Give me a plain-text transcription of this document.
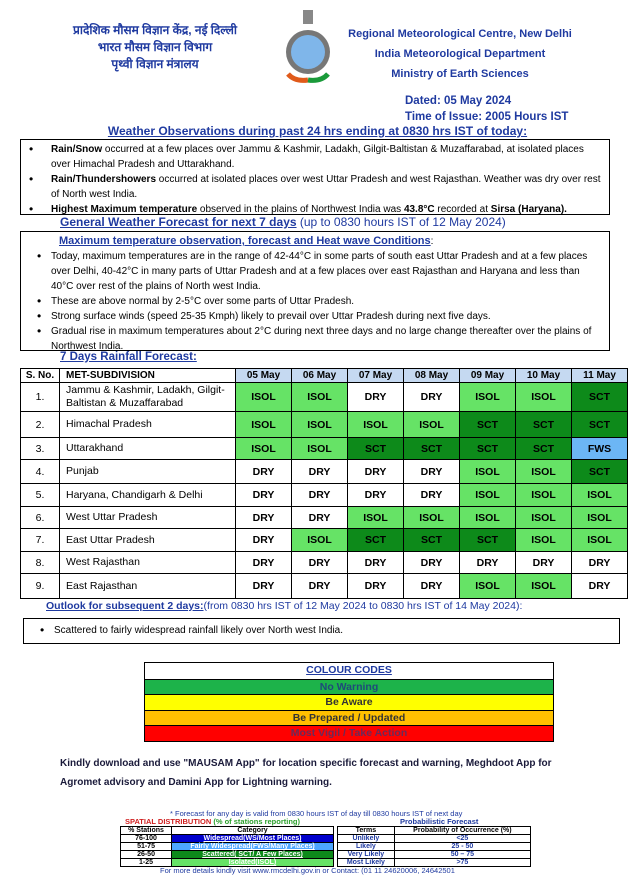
प्रादेशिक मौसम विज्ञान केंद्र, नई दिल्ली
भारत मौसम विज्ञान विभाग
पृथ्वी विज्ञान मंत्रालय
Regional Meteorological Centre, New Delhi
India Meteorological Department
Ministry of Earth Sciences
Dated: 05 May 2024
Time of Issue: 2005 Hours IST
Weather Observations during past 24 hrs ending at 0830 hrs IST of today:
• Rain/Snow occurred at a few places over Jammu & Kashmir, Ladakh, Gilgit-Baltistan & Muzaffarabad, at isolated places over Himachal Pradesh and Uttarakhand.
• Rain/Thundershowers occurred at isolated places over west Uttar Pradesh and west Rajasthan. Weather was dry over rest of North west India.
• Highest Maximum temperature observed in the plains of Northwest India was 43.8°C recorded at Sirsa (Haryana).
General Weather Forecast for next 7 days (up to 0830 hours IST of 12 May 2024)
Maximum temperature observation, forecast and Heat wave Conditions:
• Today, maximum temperatures are in the range of 42-44°C in some parts of south east Uttar Pradesh and at a few places over Delhi, 40-42°C in many parts of Uttar Pradesh and at a few places over east Rajasthan and Haryana and less than 40°C over rest of the plains of North west India.
• These are above normal by 2-5°C over some parts of Uttar Pradesh.
• Strong surface winds (speed 25-35 Kmph) likely to prevail over Uttar Pradesh during next five days.
• Gradual rise in maximum temperatures about 2°C during next three days and no large change thereafter over the plains of Northwest India.
7 Days Rainfall Forecast:
S. No.	MET-SUBDIVISION	05 May	06 May	07 May	08 May	09 May	10 May	11 May
1.	Jammu & Kashmir, Ladakh, Gilgit-Baltistan & Muzaffarabad	ISOL	ISOL	DRY	DRY	ISOL	ISOL	SCT
2.	Himachal Pradesh	ISOL	ISOL	ISOL	ISOL	SCT	SCT	SCT
3.	Uttarakhand	ISOL	ISOL	SCT	SCT	SCT	SCT	FWS
4.	Punjab	DRY	DRY	DRY	DRY	ISOL	ISOL	SCT
5.	Haryana, Chandigarh & Delhi	DRY	DRY	DRY	DRY	ISOL	ISOL	ISOL
6.	West Uttar Pradesh	DRY	DRY	ISOL	ISOL	ISOL	ISOL	ISOL
7.	East Uttar Pradesh	DRY	ISOL	SCT	SCT	SCT	ISOL	ISOL
8.	West Rajasthan	DRY	DRY	DRY	DRY	DRY	DRY	DRY
9.	East Rajasthan	DRY	DRY	DRY	DRY	ISOL	ISOL	DRY
Outlook for subsequent 2 days:(from 0830 hrs IST of 12 May 2024 to 0830 hrs IST of 14 May 2024):
• Scattered to fairly widespread rainfall likely over North west India.
COLOUR CODES
No Warning
Be Aware
Be Prepared / Updated
Most Vigil / Take Action
Kindly download and use "MAUSAM App" for location specific forecast and warning, Meghdoot App for Agromet advisory and Damini App for Lightning warning.
* Forecast for any day is valid from 0830 hours IST of day till 0830 hours IST of next day
SPATIAL DISTRIBUTION (% of stations reporting)	Probabilistic Forecast
% Stations	Category
76-100	Widespread(WS/Most Places)
51-75	Fairly Widespread(FWS/Many Places)
26-50	Scattered( SCT/ A Few Places)
1-25	Isolated(ISOL)
Terms	Probability of Occurrence (%)
Unlikely	<25
Likely	25 - 50
Very Likely	50 – 75
Most Likely	>75
For more details kindly visit www.rmcdelhi.gov.in or Contact: (01 11 24620006, 24642501
